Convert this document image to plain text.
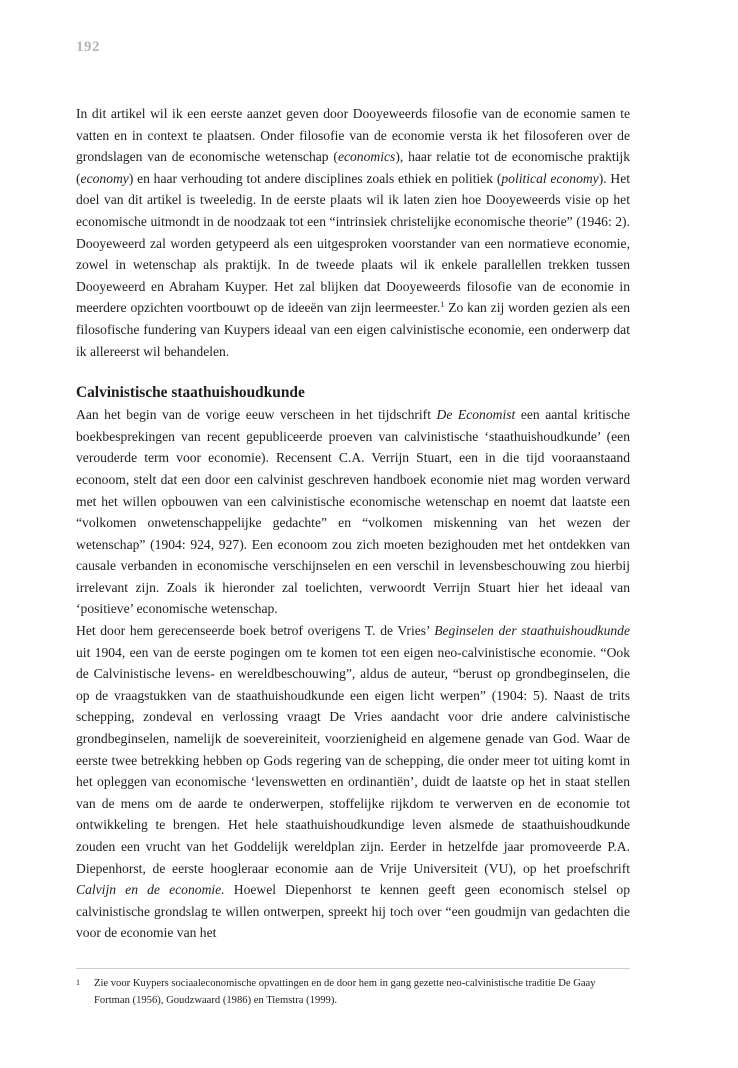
192

In dit artikel wil ik een eerste aanzet geven door Dooyeweerds filosofie van de economie samen te vatten en in context te plaatsen. Onder filosofie van de economie versta ik het filosoferen over de grondslagen van de economische wetenschap (economics), haar relatie tot de economische praktijk (economy) en haar verhouding tot andere disciplines zoals ethiek en politiek (political economy). Het doel van dit artikel is tweeledig. In de eerste plaats wil ik laten zien hoe Dooyeweerds visie op het economische uitmondt in de noodzaak tot een “intrinsiek christelijke economische theorie” (1946: 2). Dooyeweerd zal worden getypeerd als een uitgesproken voorstander van een normatieve economie, zowel in wetenschap als praktijk. In de tweede plaats wil ik enkele parallellen trekken tussen Dooyeweerd en Abraham Kuyper. Het zal blijken dat Dooyeweerds filosofie van de economie in meerdere opzichten voortbouwt op de ideeën van zijn leermeester.$^1$ Zo kan zij worden gezien als een filosofische fundering van Kuypers ideaal van een eigen calvinistische economie, een onderwerp dat ik allereerst wil behandelen.

Calvinistische staathuishoudkunde

Aan het begin van de vorige eeuw verscheen in het tijdschrift De Economist een aantal kritische boekbesprekingen van recent gepubliceerde proeven van calvinistische ‘staathuishoudkunde’ (een verouderde term voor economie). Recensent C.A. Verrijn Stuart, een in die tijd vooraanstaand econoom, stelt dat een door een calvinist geschreven handboek economie niet mag worden verward met het willen opbouwen van een calvinistische economische wetenschap en noemt dat laatste een “volkomen onwetenschappelijke gedachte” en “volkomen miskenning van het wezen der wetenschap” (1904: 924, 927). Een econoom zou zich moeten bezighouden met het ontdekken van causale verbanden in economische verschijnselen en een verschil in levensbeschouwing zou hierbij irrelevant zijn. Zoals ik hieronder zal toelichten, verwoordt Verrijn Stuart hier het ideaal van ‘positieve’ economische wetenschap.

Het door hem gerecenseerde boek betrof overigens T. de Vries’ Beginselen der staathuishoudkunde uit 1904, een van de eerste pogingen om te komen tot een eigen neo-calvinistische economie. “Ook de Calvinistische levens- en wereldbeschouwing”, aldus de auteur, “berust op grondbeginselen, die op de vraagstukken van de staathuishoudkunde een eigen licht werpen” (1904: 5). Naast de trits schepping, zondeval en verlossing vraagt De Vries aandacht voor drie andere calvinistische grondbeginselen, namelijk de soevereiniteit, voorzienigheid en algemene genade van God. Waar de eerste twee betrekking hebben op Gods regering van de schepping, die onder meer tot uiting komt in het opleggen van economische ‘levenswetten en ordinantiën’, duidt de laatste op het in staat stellen van de mens om de aarde te onderwerpen, stoffelijke rijkdom te verwerven en de economie tot ontwikkeling te brengen. Het hele staathuishoudkundige leven alsmede de staathuishoudkunde zouden een vrucht van het Goddelijk wereldplan zijn. Eerder in hetzelfde jaar promoveerde P.A. Diepenhorst, de eerste hoogleraar economie aan de Vrije Universiteit (VU), op het proefschrift Calvijn en de economie. Hoewel Diepenhorst te kennen geeft geen economisch stelsel op calvinistische grondslag te willen ontwerpen, spreekt hij toch over “een goudmijn van gedachten die voor de economie van het

1 Zie voor Kuypers sociaaleconomische opvattingen en de door hem in gang gezette neo-calvinistische traditie De Gaay Fortman (1956), Goudzwaard (1986) en Tiemstra (1999).
